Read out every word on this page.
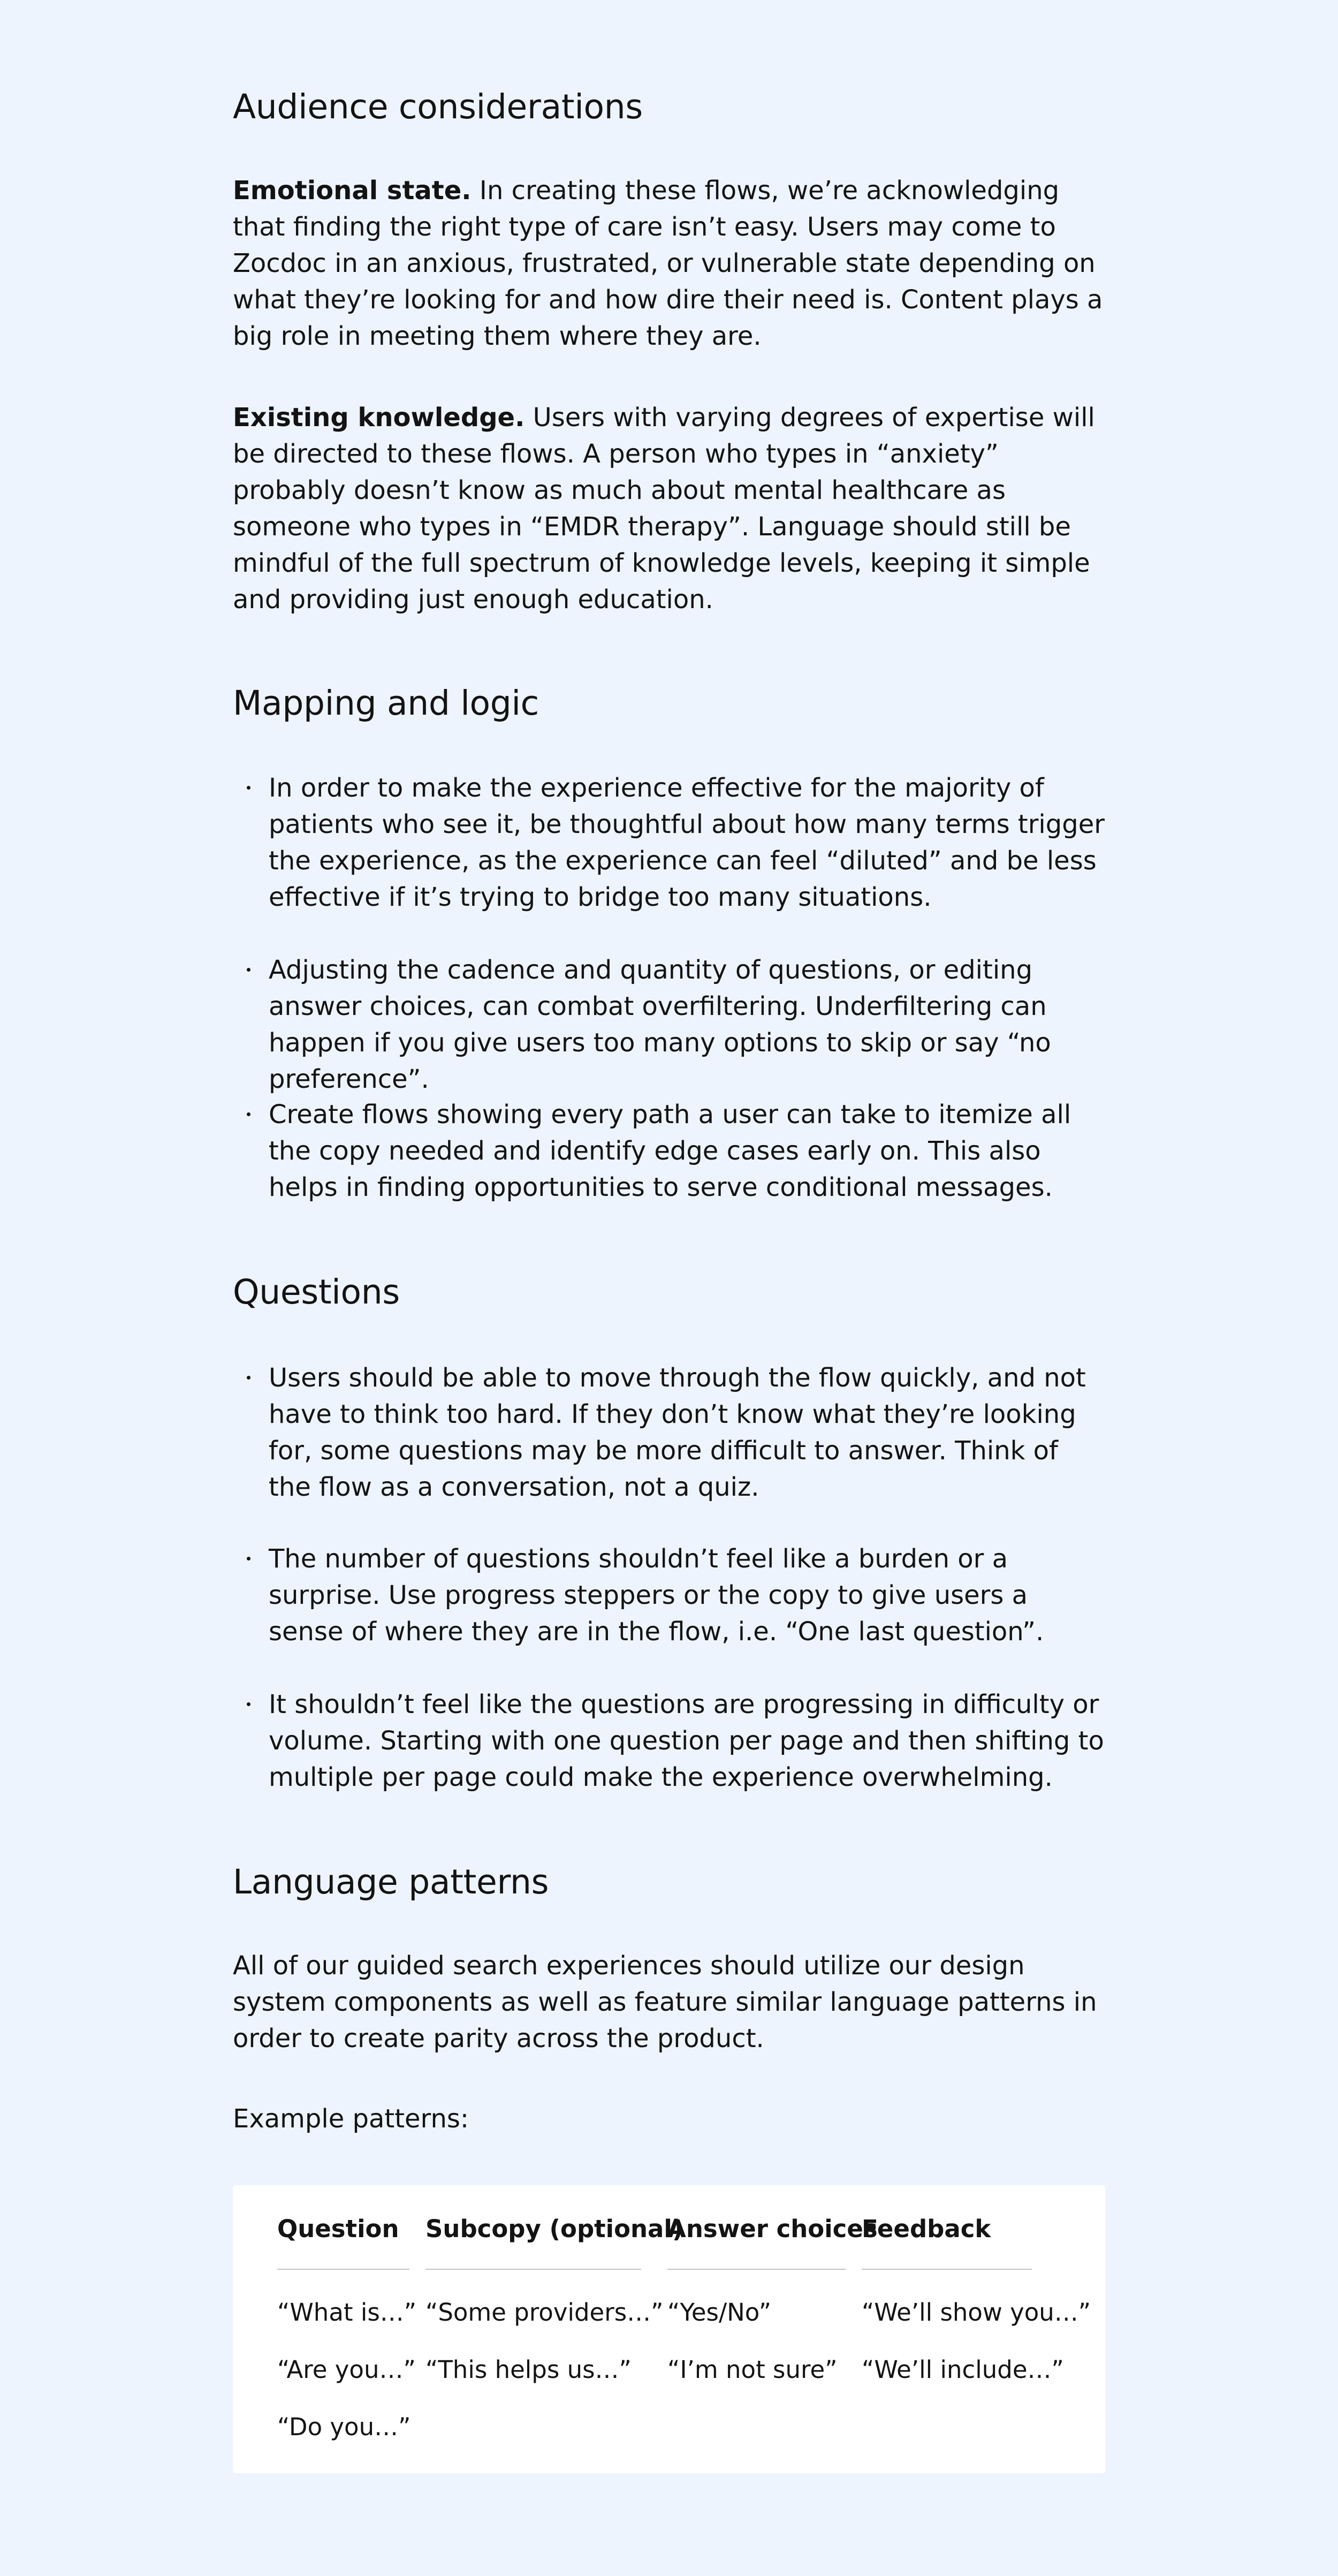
Audience considerations

Emotional state. In creating these flows, we’re acknowledging that finding the right type of care isn’t easy. Users may come to Zocdoc in an anxious, frustrated, or vulnerable state depending on what they’re looking for and how dire their need is. Content plays a big role in meeting them where they are.

Existing knowledge. Users with varying degrees of expertise will be directed to these flows. A person who types in “anxiety” probably doesn’t know as much about mental healthcare as someone who types in “EMDR therapy”. Language should still be mindful of the full spectrum of knowledge levels, keeping it simple and providing just enough education.

Mapping and logic
In order to make the experience effective for the majority of patients who see it, be thoughtful about how many terms trigger the experience, as the experience can feel “diluted” and be less effective if it’s trying to bridge too many situations.
Adjusting the cadence and quantity of questions, or editing answer choices, can combat overfiltering. Underfiltering can happen if you give users too many options to skip or say “no preference”.
Create flows showing every path a user can take to itemize all the copy needed and identify edge cases early on. This also helps in finding opportunities to serve conditional messages.
Questions
Users should be able to move through the flow quickly, and not have to think too hard. If they don’t know what they’re looking for, some questions may be more difficult to answer. Think of the flow as a conversation, not a quiz.
The number of questions shouldn’t feel like a burden or a surprise. Use progress steppers or the copy to give users a sense of where they are in the flow, i.e. “One last question”.
It shouldn’t feel like the questions are progressing in difficulty or volume. Starting with one question per page and then shifting to multiple per page could make the experience overwhelming.
Language patterns

All of our guided search experiences should utilize our design system components as well as feature similar language patterns in order to create parity across the product.

Example patterns:

Question
“What is…”
“Are you…”
“Do you…”
Subcopy (optional)
“Some providers…”
“This helps us…”
Answer choices
“Yes/No”
“I’m not sure”
Feedback
“We’ll show you…”
“We’ll include…”
